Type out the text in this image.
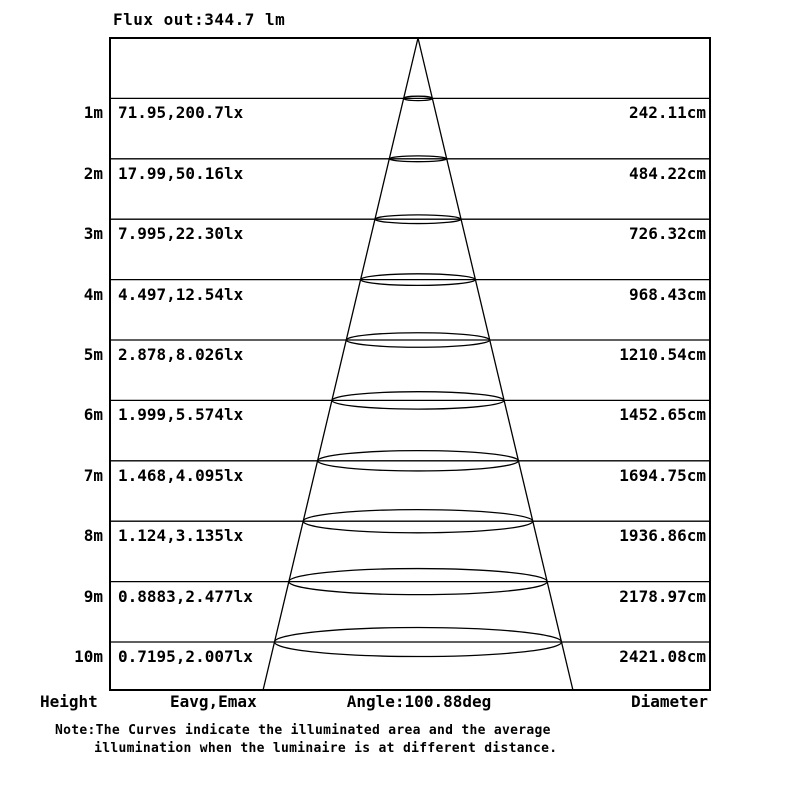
Flux out:344.7 lm
1m 71.95,200.7lx	242.11cm
2m 17.99,50.16lx	484.22cm
3m 7.995,22.30lx	726.32cm
4m 4.497,12.54lx	968.43cm
5m 2.878,8.026lx	1210.54cm
6m 1.999,5.574lx	1452.65cm
7m 1.468,4.095lx	1694.75cm
8m 1.124,3.135lx	1936.86cm
9m 0.8883,2.477lx	2178.97cm
10m 0.7195,2.007lx	2421.08cm
Height	Eavg,Emax	Angle:100.88deg	Diameter
Note:The Curves indicate the illuminated area and the average
illumination when the luminaire is at different distance.
